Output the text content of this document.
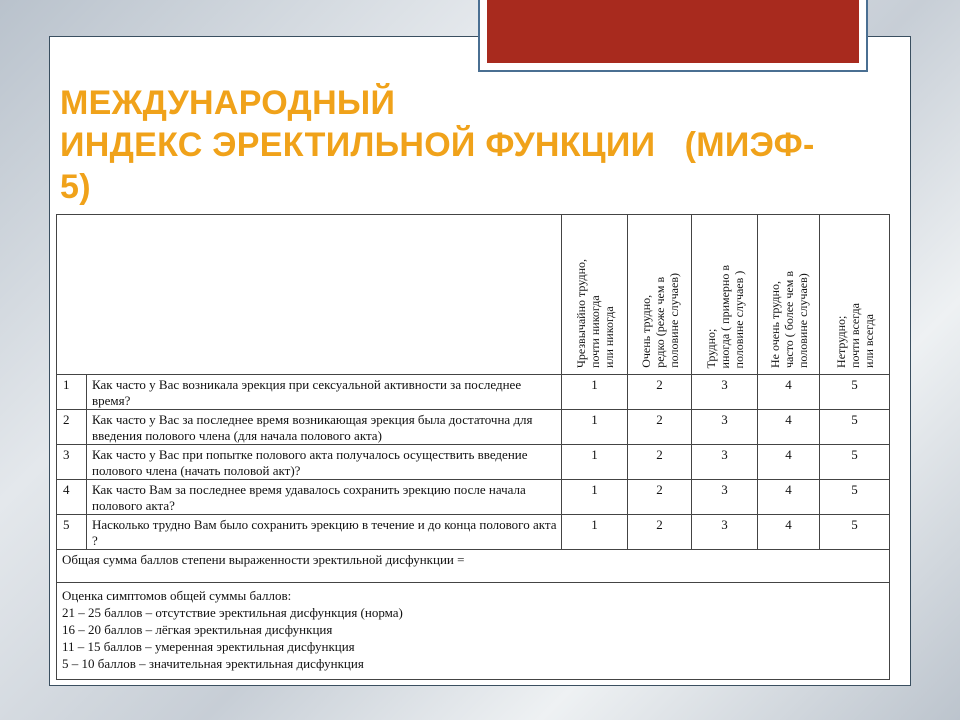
МЕЖДУНАРОДНЫЙ
ИНДЕКС ЭРЕКТИЛЬНОЙ ФУНКЦИИ   (МИЭФ-
5)

		Чрезвычайно трудно,
почти никогда
или никогда	Очень трудно,
редко (реже чем в
половине случаев)	Трудно;
иногда ( примерно в
половине случаев )	Не очень трудно,
часто ( более чем в
половине случаев)	Нетрудно;
почти всегда
или всегда

1	Как часто у Вас возникала эрекция при сексуальной активности за последнее время?	1	2	3	4	5
2	Как часто у Вас за последнее время возникающая эрекция была достаточна для введения полового члена (для начала полового акта)	1	2	3	4	5
3	Как часто у Вас при попытке полового акта получалось осуществить введение полового члена (начать половой акт)?	1	2	3	4	5
4	Как часто Вам за последнее время удавалось сохранить эрекцию после начала полового акта?	1	2	3	4	5
5	Насколько трудно Вам было сохранить эрекцию в течение и до конца полового акта ?	1	2	3	4	5
Общая сумма баллов степени выраженности эректильной дисфункции =						

Оценка симптомов общей суммы баллов:
21 – 25 баллов – отсутствие эректильная дисфункция (норма)
16 – 20 баллов – лёгкая эректильная дисфункция
11 – 15 баллов – умеренная эректильная дисфункция
5 – 10 баллов – значительная эректильная дисфункция						
